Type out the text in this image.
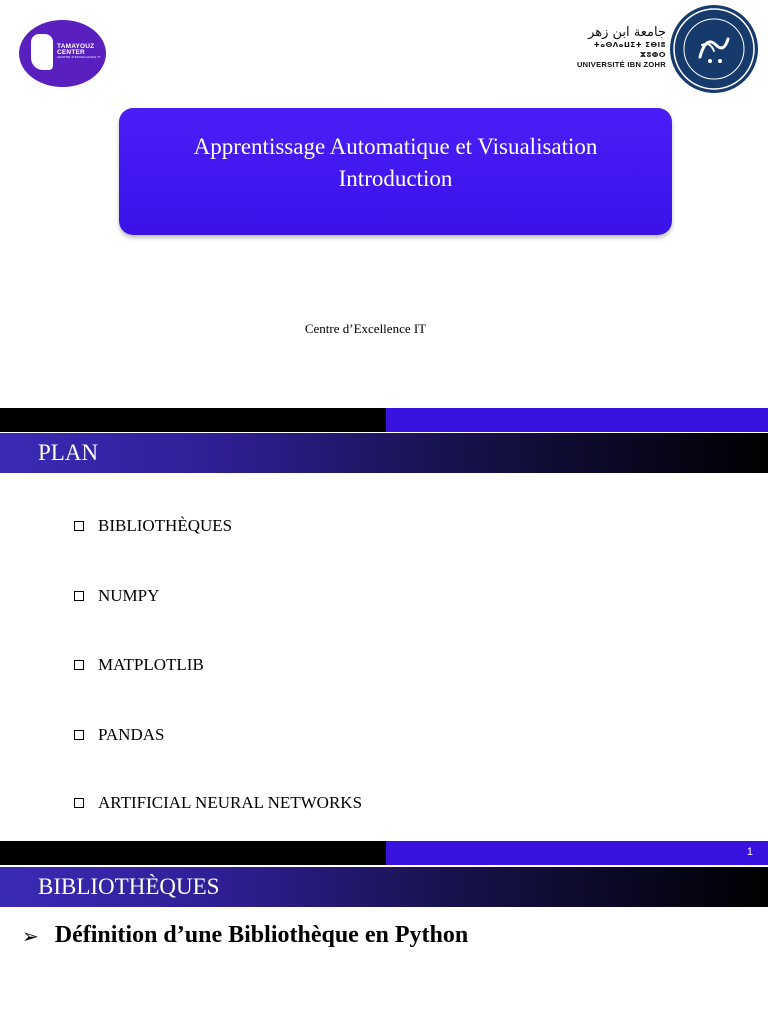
TAMAYOUZ
CENTER
CENTRE D'EXCELLENCE IT
جامعة ابن زهر
ⵜⴰⵙⴷⴰⵡⵉⵜ ⵉⴱⵏⵓ ⵣⵓⵀⵔ
UNIVERSITÉ IBN ZOHR
Apprentissage Automatique et Visualisation
Introduction
Centre d’Excellence IT
PLAN
BIBLIOTHÈQUES
NUMPY
MATPLOTLIB
PANDAS
ARTIFICIAL NEURAL NETWORKS
1
BIBLIOTHÈQUES
➢ Définition d’une Bibliothèque en Python
